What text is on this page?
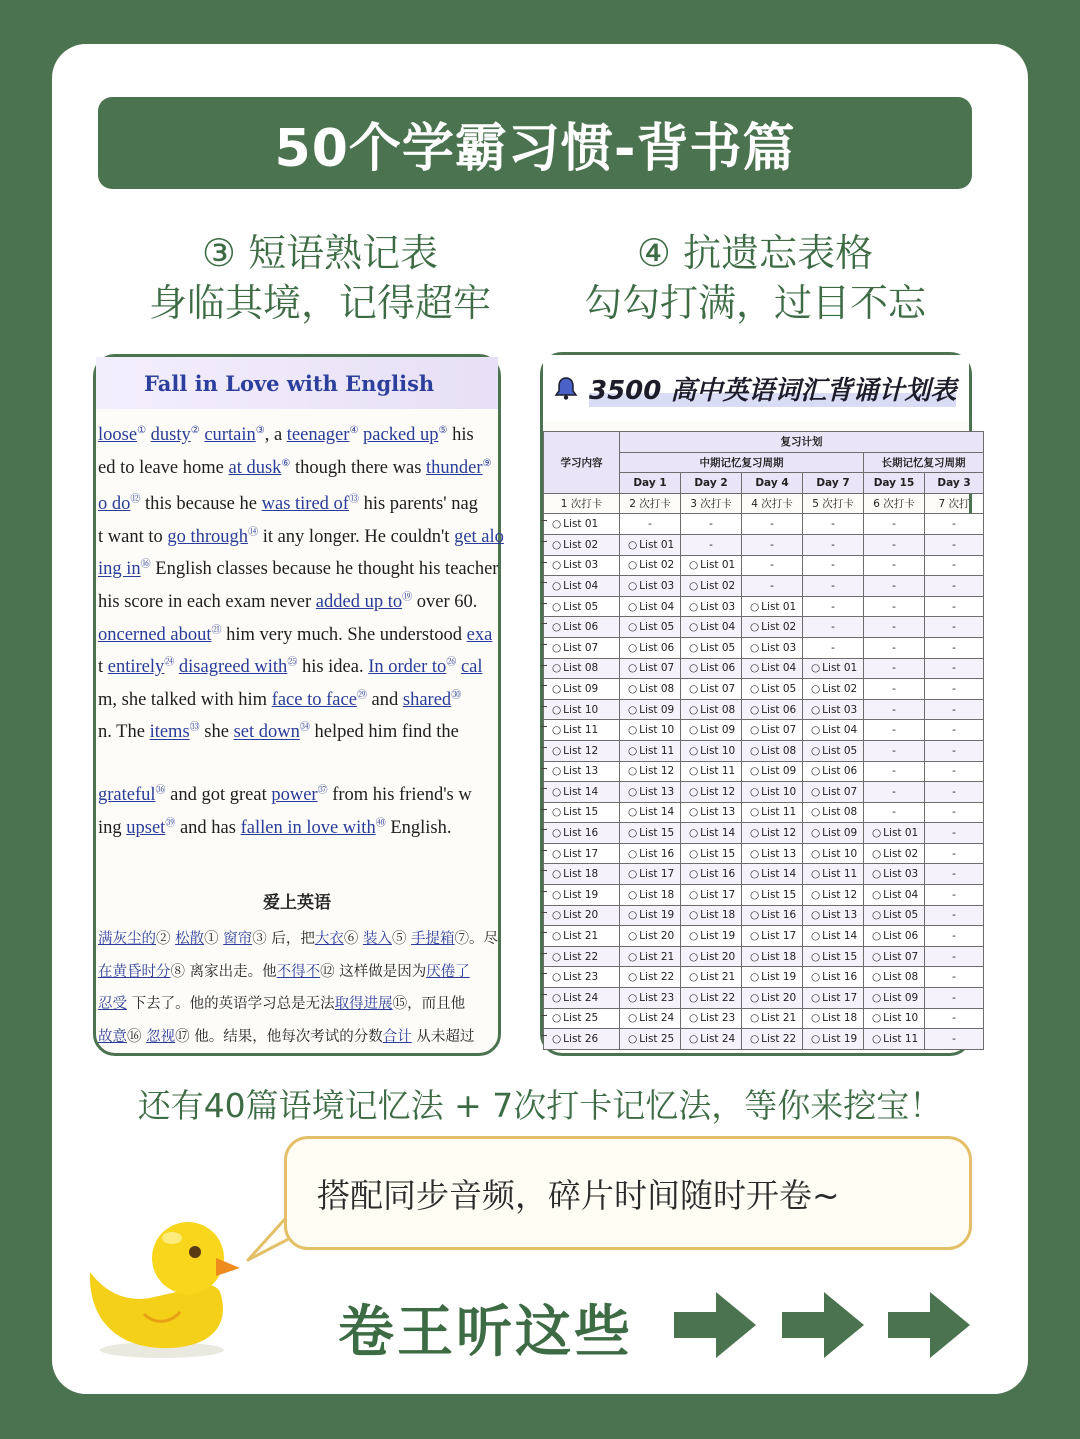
50个学霸习惯-背书篇
③ 短语熟记表
身临其境，记得超牢
④ 抗遗忘表格
勾勾打满，过目不忘
Fall in Love with English
loose① dusty② curtain③, a teenager④ packed up⑤ his
ed to leave home at dusk⑥ though there was thunder⑨
o do⑫ this because he was tired of⑬ his parents' nag
t want to go through⑭ it any longer. He couldn't get alo
ing in⑯ English classes because he thought his teacher
his score in each exam never added up to⑲ over 60.
oncerned about$^㉑$ him very much. She understood exa
t entirely$^㉔$ disagreed with$^㉕$ his idea. In order $to^㉖$ cal
m, she talked with him face to face$^㉙$ and shared$^㉚$
n. The items$^㉝$ she set down$^㉞$ helped him find the
grateful$^㊱$ and got great power$^㊲$ from his friend's w
ing upset$^㊴$ and has fallen in love with$^㊵$ English.
爱上英语
满灰尘的② 松散① 窗帘③ 后，把大衣⑥ 装入⑤ 手提箱⑦。尽
在黄昏时分⑧ 离家出走。他不得不⑫ 这样做是因为厌倦了
忍受 下去了。他的英语学习总是无法取得进展⑮，而且他
故意⑯ 忽视⑰ 他。结果，他每次考试的分数合计 从未超过
3500 高中英语词汇背诵计划表
学习内容	复习计划					
	中期记忆复习周期				长期记忆复习周期	
	Day 1	Day 2	Day 4	Day 7	Day 15	Day 3
1 次打卡	2 次打卡	3 次打卡	4 次打卡	5 次打卡	6 次打卡	7 次打
○ List 01	-	-	-	-	-	-
○ List 02	○ List 01	-	-	-	-	-
○ List 03	○ List 02	○ List 01	-	-	-	-
○ List 04	○ List 03	○ List 02	-	-	-	-
○ List 05	○ List 04	○ List 03	○ List 01	-	-	-
○ List 06	○ List 05	○ List 04	○ List 02	-	-	-
○ List 07	○ List 06	○ List 05	○ List 03	-	-	-
○ List 08	○ List 07	○ List 06	○ List 04	○ List 01	-	-
○ List 09	○ List 08	○ List 07	○ List 05	○ List 02	-	-
○ List 10	○ List 09	○ List 08	○ List 06	○ List 03	-	-
○ List 11	○ List 10	○ List 09	○ List 07	○ List 04	-	-
○ List 12	○ List 11	○ List 10	○ List 08	○ List 05	-	-
○ List 13	○ List 12	○ List 11	○ List 09	○ List 06	-	-
○ List 14	○ List 13	○ List 12	○ List 10	○ List 07	-	-
○ List 15	○ List 14	○ List 13	○ List 11	○ List 08	-	-
○ List 16	○ List 15	○ List 14	○ List 12	○ List 09	○ List 01	-
○ List 17	○ List 16	○ List 15	○ List 13	○ List 10	○ List 02	-
○ List 18	○ List 17	○ List 16	○ List 14	○ List 11	○ List 03	-
○ List 19	○ List 18	○ List 17	○ List 15	○ List 12	○ List 04	-
○ List 20	○ List 19	○ List 18	○ List 16	○ List 13	○ List 05	-
○ List 21	○ List 20	○ List 19	○ List 17	○ List 14	○ List 06	-
○ List 22	○ List 21	○ List 20	○ List 18	○ List 15	○ List 07	-
○ List 23	○ List 22	○ List 21	○ List 19	○ List 16	○ List 08	-
○ List 24	○ List 23	○ List 22	○ List 20	○ List 17	○ List 09	-
○ List 25	○ List 24	○ List 23	○ List 21	○ List 18	○ List 10	-
○ List 26	○ List 25	○ List 24	○ List 22	○ List 19	○ List 11	-
还有40篇语境记忆法 + 7次打卡记忆法，等你来挖宝！
搭配同步音频，碎片时间随时开卷~
卷王听这些
